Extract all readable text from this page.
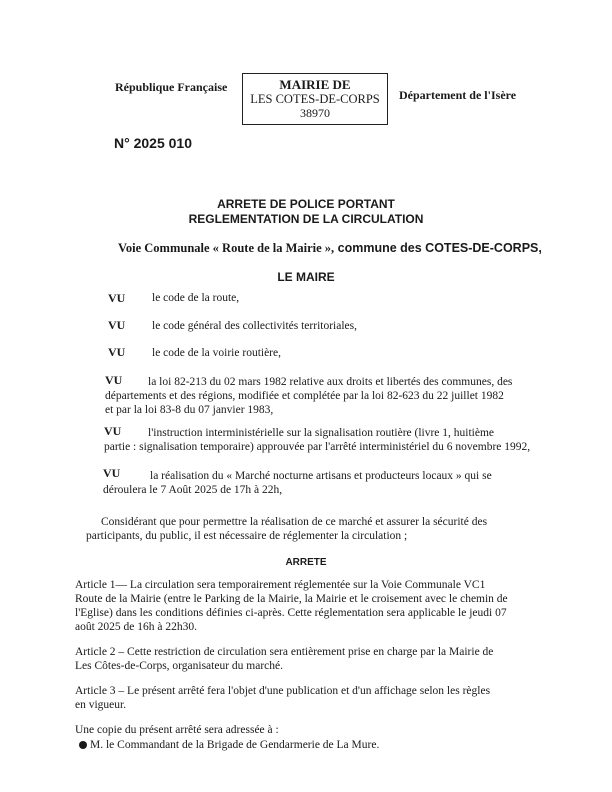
République Française	MAIRIE DE
LES COTES-DE-CORPS
38970
Département de l'Isère
N° 2025 010
ARRETE DE POLICE PORTANT
REGLEMENTATION DE LA CIRCULATION
Voie Communale « Route de la Mairie », commune des COTES-DE-CORPS,
LE MAIRE
VU le code de la route,
VU le code général des collectivités territoriales,
VU le code de la voirie routière,
VU la loi 82-213 du 02 mars 1982 relative aux droits et libertés des communes, des
départements et des régions, modifiée et complétée par la loi 82-623 du 22 juillet 1982
et par la loi 83-8 du 07 janvier 1983,
VU l'instruction interministérielle sur la signalisation routière (livre 1, huitième
partie : signalisation temporaire) approuvée par l'arrêté interministériel du 6 novembre 1992,
VU	la réalisation du « Marché nocturne artisans et producteurs locaux » qui se
déroulera le 7 Août 2025 de 17h à 22h,
Considérant que pour permettre la réalisation de ce marché et assurer la sécurité des
participants, du public, il est nécessaire de réglementer la circulation ;
ARRETE
Article 1— La circulation sera temporairement réglementée sur la Voie Communale VC1
Route de la Mairie (entre le Parking de la Mairie, la Mairie et le croisement avec le chemin de
l'Eglise) dans les conditions définies ci-après. Cette réglementation sera applicable le jeudi 07
août 2025 de 16h à 22h30.
Article 2 – Cette restriction de circulation sera entièrement prise en charge par la Mairie de
Les Côtes-de-Corps, organisateur du marché.
Article 3 – Le présent arrêté fera l'objet d'une publication et d'un affichage selon les règles
en vigueur.
Une copie du présent arrêté sera adressée à :
M. le Commandant de la Brigade de Gendarmerie de La Mure.
